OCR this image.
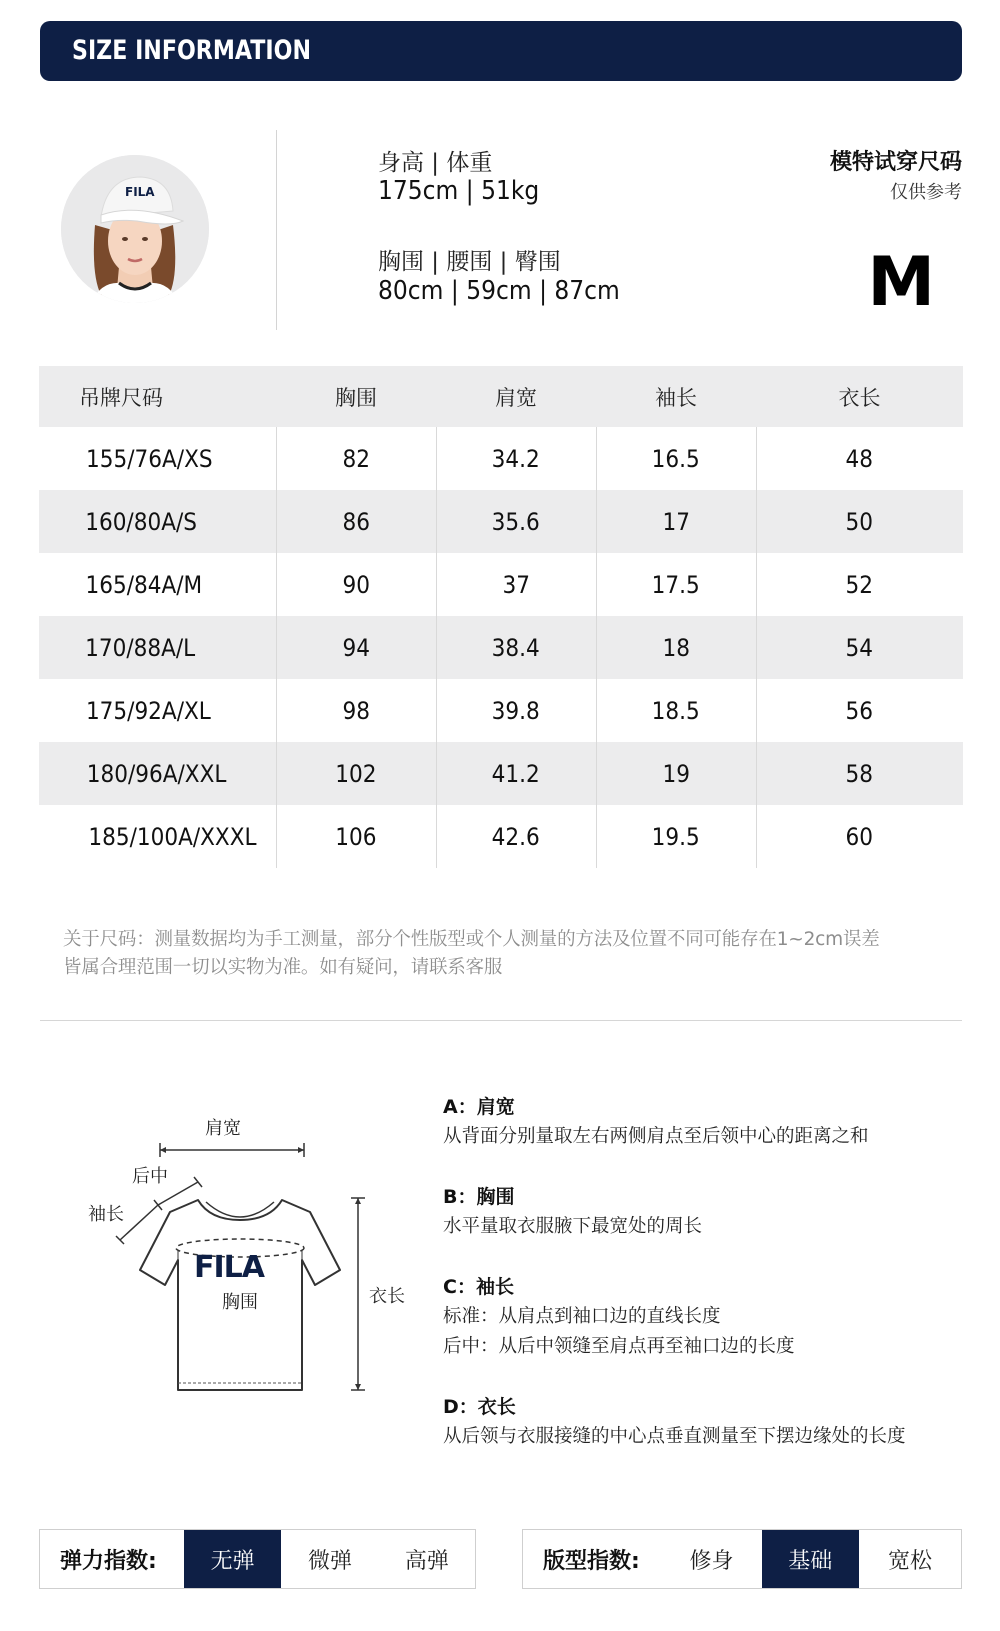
SIZE INFORMATION
FILA
身高 | 体重
175cm | 51kg
胸围 | 腰围 | 臀围
80cm | 59cm | 87cm
模特试穿尺码
仅供参考
M
吊牌尺码	胸围	肩宽	袖长	衣长
155/76A/XS	82	34.2	16.5	48
160/80A/S	86	35.6	17	50
165/84A/M	90	37	17.5	52
170/88A/L	94	38.4	18	54
175/92A/XL	98	39.8	18.5	56
180/96A/XXL	102	41.2	19	58
185/100A/XXXL	106	42.6	19.5	60
关于尺码：测量数据均为手工测量，部分个性版型或个人测量的方法及位置不同可能存在1~2cm误差
皆属合理范围一切以实物为准。如有疑问，请联系客服
肩宽
后中
袖长
FILA
胸围	衣长
A：肩宽
从背面分别量取左右两侧肩点至后领中心的距离之和
B：胸围
水平量取衣服腋下最宽处的周长
C：袖长
标准：从肩点到袖口边的直线长度
后中：从后中领缝至肩点再至袖口边的长度
D：衣长
从后领与衣服接缝的中心点垂直测量至下摆边缘处的长度
弹力指数:	无弹	微弹	高弹	版型指数:	修身	基础	宽松
